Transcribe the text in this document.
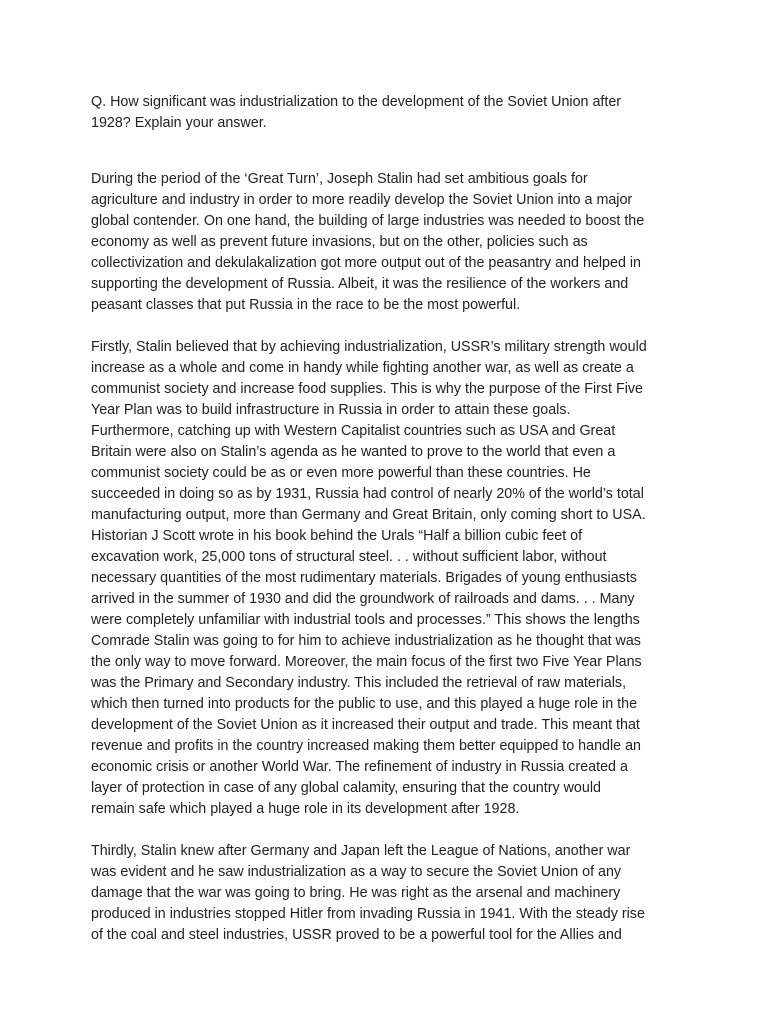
Q. How significant was industrialization to the development of the Soviet Union after
1928? Explain your answer.

During the period of the ‘Great Turn’, Joseph Stalin had set ambitious goals for
agriculture and industry in order to more readily develop the Soviet Union into a major
global contender. On one hand, the building of large industries was needed to boost the
economy as well as prevent future invasions, but on the other, policies such as
collectivization and dekulakalization got more output out of the peasantry and helped in
supporting the development of Russia. Albeit, it was the resilience of the workers and
peasant classes that put Russia in the race to be the most powerful.

Firstly, Stalin believed that by achieving industrialization, USSR’s military strength would
increase as a whole and come in handy while fighting another war, as well as create a
communist society and increase food supplies. This is why the purpose of the First Five
Year Plan was to build infrastructure in Russia in order to attain these goals.
Furthermore, catching up with Western Capitalist countries such as USA and Great
Britain were also on Stalin’s agenda as he wanted to prove to the world that even a
communist society could be as or even more powerful than these countries. He
succeeded in doing so as by 1931, Russia had control of nearly 20% of the world’s total
manufacturing output, more than Germany and Great Britain, only coming short to USA.
Historian J Scott wrote in his book behind the Urals “Half a billion cubic feet of
excavation work, 25,000 tons of structural steel. . . without sufficient labor, without
necessary quantities of the most rudimentary materials. Brigades of young enthusiasts
arrived in the summer of 1930 and did the groundwork of railroads and dams. . . Many
were completely unfamiliar with industrial tools and processes.” This shows the lengths
Comrade Stalin was going to for him to achieve industrialization as he thought that was
the only way to move forward. Moreover, the main focus of the first two Five Year Plans
was the Primary and Secondary industry. This included the retrieval of raw materials,
which then turned into products for the public to use, and this played a huge role in the
development of the Soviet Union as it increased their output and trade. This meant that
revenue and profits in the country increased making them better equipped to handle an
economic crisis or another World War. The refinement of industry in Russia created a
layer of protection in case of any global calamity, ensuring that the country would
remain safe which played a huge role in its development after 1928.

Thirdly, Stalin knew after Germany and Japan left the League of Nations, another war
was evident and he saw industrialization as a way to secure the Soviet Union of any
damage that the war was going to bring. He was right as the arsenal and machinery
produced in industries stopped Hitler from invading Russia in 1941. With the steady rise
of the coal and steel industries, USSR proved to be a powerful tool for the Allies and
